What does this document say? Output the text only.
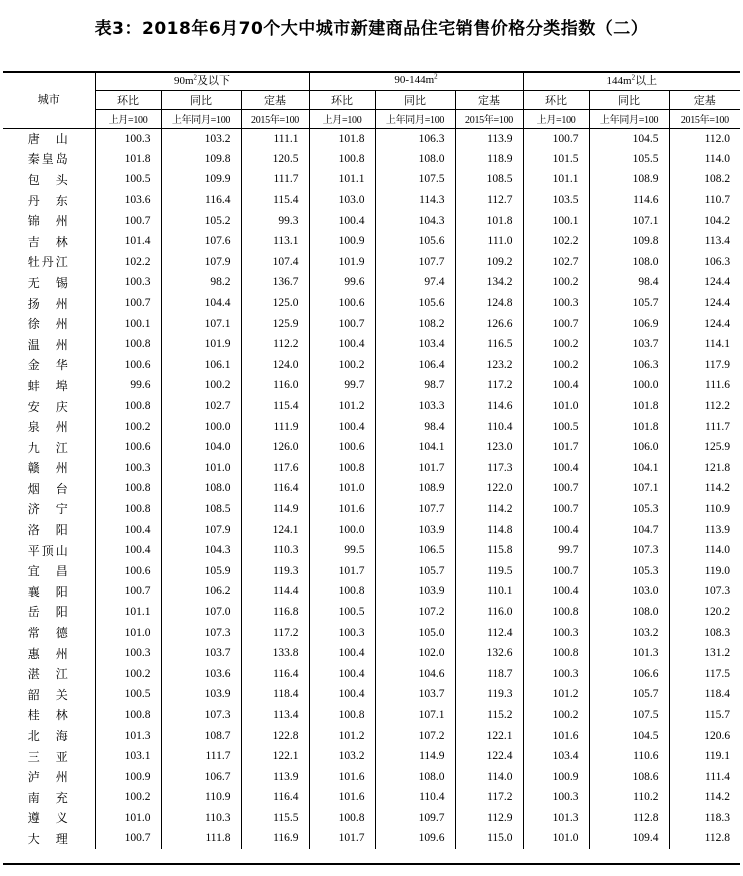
表3：2018年6月70个大中城市新建商品住宅销售价格分类指数（二）
城市	$90m^2$及以下			$90-144m^2$			$144m^2$以上		
	环比	同比	定基	环比	同比	定基	环比	同比	定基
	上月=100	上年同月=100	2015年=100	上月=100	上年同月=100	2015年=100	上月=100	上年同月=100	2015年=100
唐　山	100.3	103.2	111.1	101.8	106.3	113.9	100.7	104.5	112.0
秦皇岛	101.8	109.8	120.5	100.8	108.0	118.9	101.5	105.5	114.0
包　头	100.5	109.9	111.7	101.1	107.5	108.5	101.1	108.9	108.2
丹　东	103.6	116.4	115.4	103.0	114.3	112.7	103.5	114.6	110.7
锦　州	100.7	105.2	99.3	100.4	104.3	101.8	100.1	107.1	104.2
吉　林	101.4	107.6	113.1	100.9	105.6	111.0	102.2	109.8	113.4
牡丹江	102.2	107.9	107.4	101.9	107.7	109.2	102.7	108.0	106.3
无　锡	100.3	98.2	136.7	99.6	97.4	134.2	100.2	98.4	124.4
扬　州	100.7	104.4	125.0	100.6	105.6	124.8	100.3	105.7	124.4
徐　州	100.1	107.1	125.9	100.7	108.2	126.6	100.7	106.9	124.4
温　州	100.8	101.9	112.2	100.4	103.4	116.5	100.2	103.7	114.1
金　华	100.6	106.1	124.0	100.2	106.4	123.2	100.2	106.3	117.9
蚌　埠	99.6	100.2	116.0	99.7	98.7	117.2	100.4	100.0	111.6
安　庆	100.8	102.7	115.4	101.2	103.3	114.6	101.0	101.8	112.2
泉　州	100.2	100.0	111.9	100.4	98.4	110.4	100.5	101.8	111.7
九　江	100.6	104.0	126.0	100.6	104.1	123.0	101.7	106.0	125.9
赣　州	100.3	101.0	117.6	100.8	101.7	117.3	100.4	104.1	121.8
烟　台	100.8	108.0	116.4	101.0	108.9	122.0	100.7	107.1	114.2
济　宁	100.8	108.5	114.9	101.6	107.7	114.2	100.7	105.3	110.9
洛　阳	100.4	107.9	124.1	100.0	103.9	114.8	100.4	104.7	113.9
平顶山	100.4	104.3	110.3	99.5	106.5	115.8	99.7	107.3	114.0
宜　昌	100.6	105.9	119.3	101.7	105.7	119.5	100.7	105.3	119.0
襄　阳	100.7	106.2	114.4	100.8	103.9	110.1	100.4	103.0	107.3
岳　阳	101.1	107.0	116.8	100.5	107.2	116.0	100.8	108.0	120.2
常　德	101.0	107.3	117.2	100.3	105.0	112.4	100.3	103.2	108.3
惠　州	100.3	103.7	133.8	100.4	102.0	132.6	100.8	101.3	131.2
湛　江	100.2	103.6	116.4	100.4	104.6	118.7	100.3	106.6	117.5
韶　关	100.5	103.9	118.4	100.4	103.7	119.3	101.2	105.7	118.4
桂　林	100.8	107.3	113.4	100.8	107.1	115.2	100.2	107.5	115.7
北　海	101.3	108.7	122.8	101.2	107.2	122.1	101.6	104.5	120.6
三　亚	103.1	111.7	122.1	103.2	114.9	122.4	103.4	110.6	119.1
泸　州	100.9	106.7	113.9	101.6	108.0	114.0	100.9	108.6	111.4
南　充	100.2	110.9	116.4	101.6	110.4	117.2	100.3	110.2	114.2
遵　义	101.0	110.3	115.5	100.8	109.7	112.9	101.3	112.8	118.3
大　理	100.7	111.8	116.9	101.7	109.6	115.0	101.0	109.4	112.8
